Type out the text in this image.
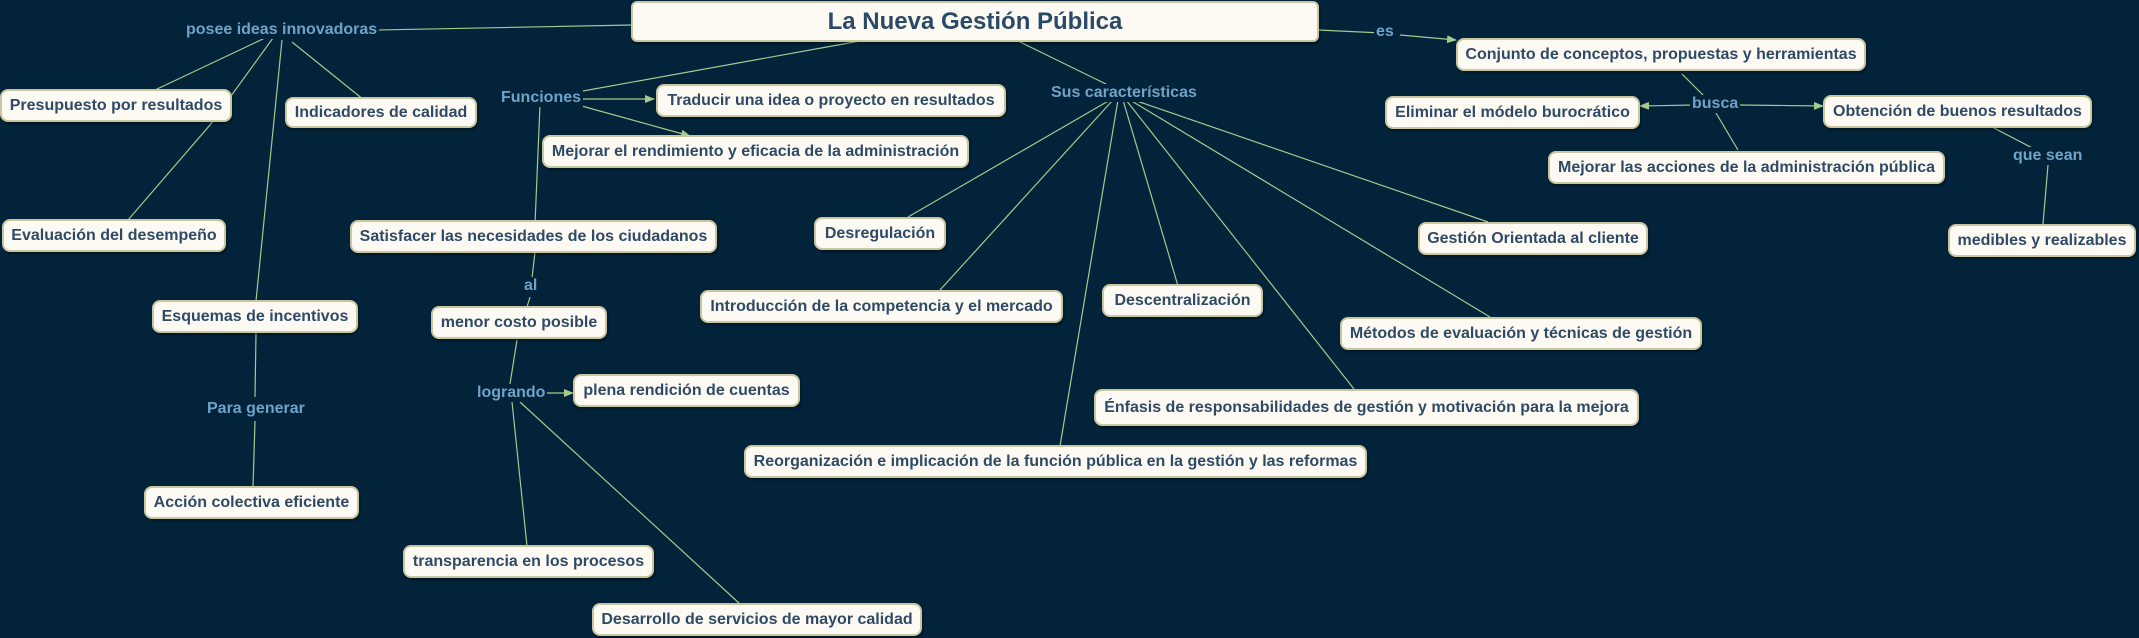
La Nueva Gestión Pública	es
busca
que sean
posee ideas innovadoras
Funciones	Sus características
Para generar
al
logrando
Conjunto de conceptos, propuestas y herramientas
Eliminar el módelo burocrático	Obtención de buenos resultados
Mejorar las acciones de la administración pública
medibles y realizables
Presupuesto por resultados	Indicadores de calidad
Evaluación del desempeño
Esquemas de incentivos
Acción colectiva eficiente
Traducir una idea o proyecto en resultados
Mejorar el rendimiento y eficacia de la administración
Satisfacer las necesidades de los ciudadanos
menor costo posible
plena rendición de cuentas
transparencia en los procesos
Desarrollo de servicios de mayor calidad
Desregulación
Introducción de la competencia y el mercado	Descentralización
Gestión Orientada al cliente
Métodos de evaluación y técnicas de gestión
Énfasis de responsabilidades de gestión y motivación para la mejora
Reorganización e implicación de la función pública en la gestión y las reformas
